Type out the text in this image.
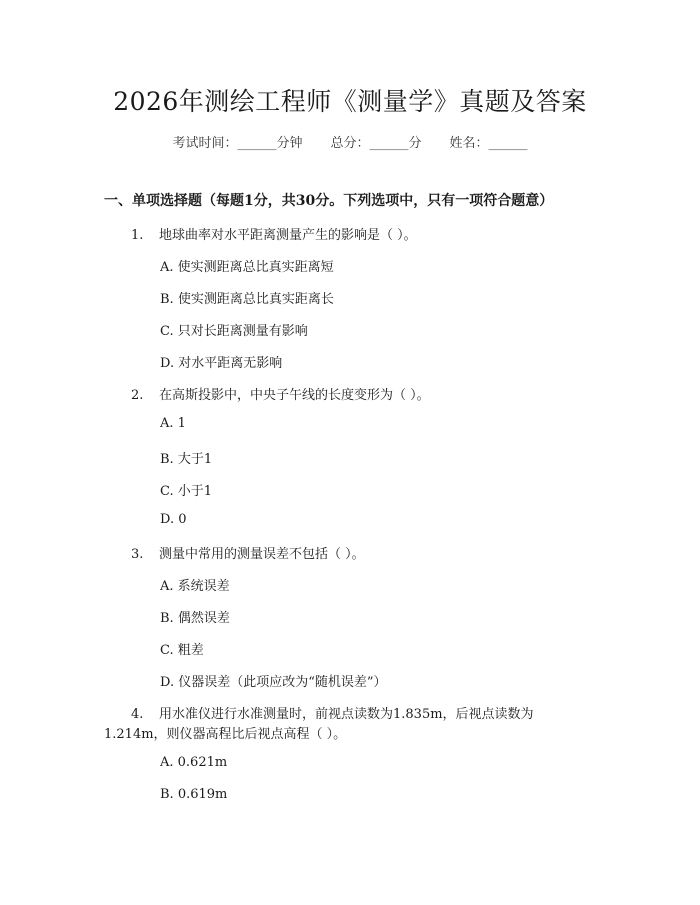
2026年测绘工程师《测量学》真题及答案
考试时间：______分钟 总分：______分 姓名：______
一、单项选择题（每题1分，共30分。下列选项中，只有一项符合题意）
1. 地球曲率对水平距离测量产生的影响是（ ）。
A. 使实测距离总比真实距离短
B. 使实测距离总比真实距离长
C. 只对长距离测量有影响
D. 对水平距离无影响
2. 在高斯投影中，中央子午线的长度变形为（ ）。
A. 1
B. 大于1
C. 小于1
D. 0
3. 测量中常用的测量误差不包括（ ）。
A. 系统误差
B. 偶然误差
C. 粗差
D. 仪器误差（此项应改为“随机误差”）
4. 用水准仪进行水准测量时，前视点读数为1.835m，后视点读数为
1.214m，则仪器高程比后视点高程（ ）。
A. 0.621m
B. 0.619m
